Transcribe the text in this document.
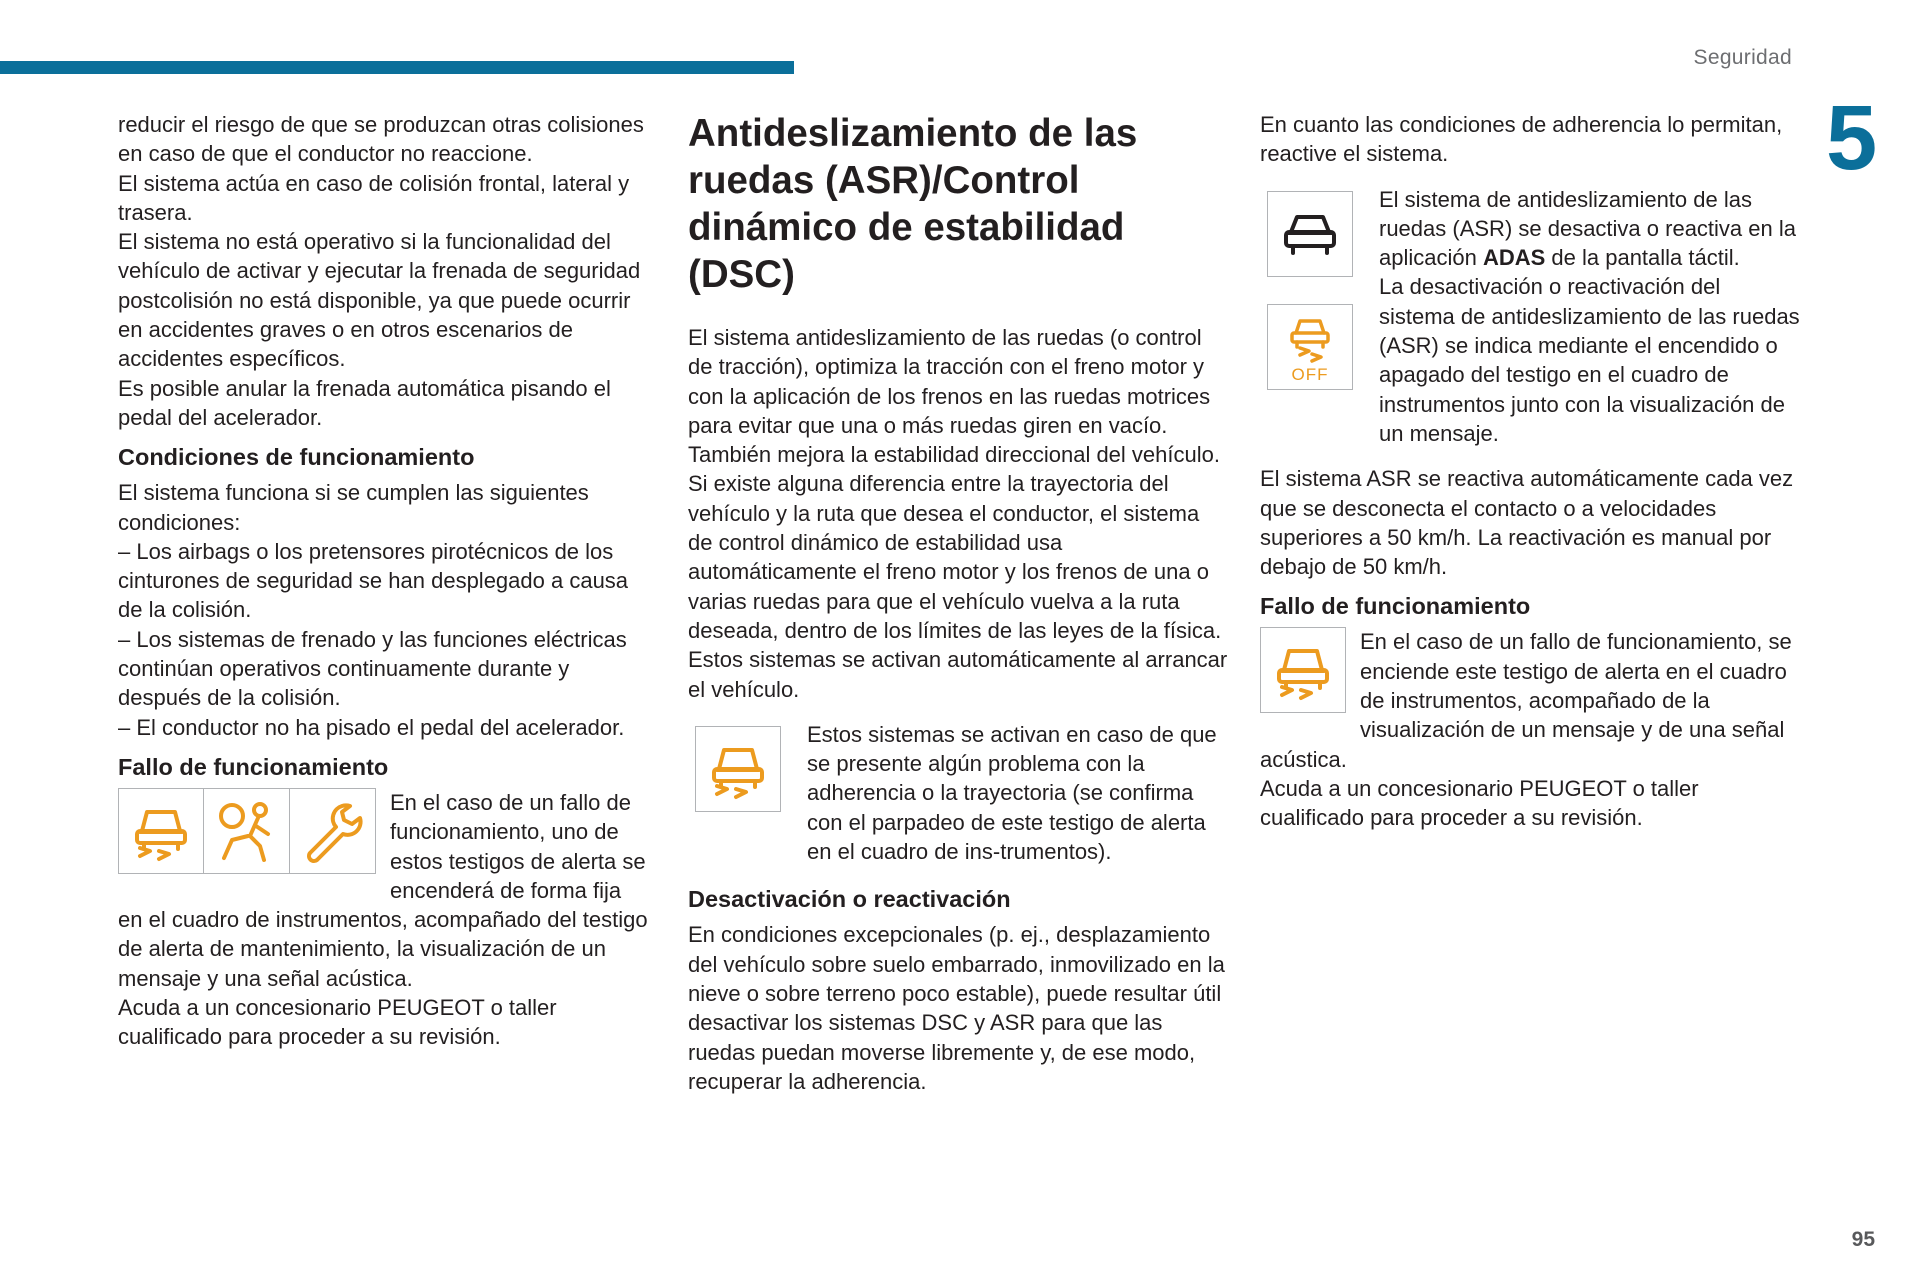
Seguridad
5
95

reducir el riesgo de que se produzcan otras colisiones en caso de que el conductor no reaccione.

El sistema actúa en caso de colisión frontal, lateral y trasera.

El sistema no está operativo si la funcionalidad del vehículo de activar y ejecutar la frenada de seguridad postcolisión no está disponible, ya que puede ocurrir en accidentes graves o en otros escenarios de accidentes específicos.

Es posible anular la frenada automática pisando el pedal del acelerador.

Condiciones de funcionamiento

El sistema funciona si se cumplen las siguientes condiciones:

– Los airbags o los pretensores pirotécnicos de los cinturones de seguridad se han desplegado a causa de la colisión.

– Los sistemas de frenado y las funciones eléctricas continúan operativos continuamente durante y después de la colisión.

– El conductor no ha pisado el pedal del acelerador.

Fallo de funcionamiento

En el caso de un fallo de funcionamiento, uno de estos testigos de alerta se encenderá de forma fija en el cuadro de instrumentos, acompañado del testigo de alerta de mantenimiento, la visualización de un mensaje y una señal acústica.

Acuda a un concesionario PEUGEOT o taller cualificado para proceder a su revisión.

Antideslizamiento de las ruedas (ASR)/Control dinámico de estabilidad (DSC)

El sistema antideslizamiento de las ruedas (o control de tracción), optimiza la tracción con el freno motor y con la aplicación de los frenos en las ruedas motrices para evitar que una o más ruedas giren en vacío. También mejora la estabilidad direccional del vehículo.

Si existe alguna diferencia entre la trayectoria del vehículo y la ruta que desea el conductor, el sistema de control dinámico de estabilidad usa automáticamente el freno motor y los frenos de una o varias ruedas para que el vehículo vuelva a la ruta deseada, dentro de los límites de las leyes de la física.

Estos sistemas se activan automáticamente al arrancar el vehículo.

Estos sistemas se activan en caso de que se presente algún problema con la adherencia o la trayectoria (se confirma con el parpadeo de este testigo de alerta en el cuadro de ins-trumentos).

Desactivación o reactivación

En condiciones excepcionales (p. ej., desplazamiento del vehículo sobre suelo embarrado, inmovilizado en la nieve o sobre terreno poco estable), puede resultar útil desactivar los sistemas DSC y ASR para que las ruedas puedan moverse libremente y, de ese modo, recuperar la adherencia.

En cuanto las condiciones de adherencia lo permitan, reactive el sistema.

OFF

El sistema de antideslizamiento de las ruedas (ASR) se desactiva o reactiva en la aplicación ADAS de la pantalla táctil.

La desactivación o reactivación del sistema de antideslizamiento de las ruedas (ASR) se indica mediante el encendido o apagado del testigo en el cuadro de instrumentos junto con la visualización de un mensaje.

El sistema ASR se reactiva automáticamente cada vez que se desconecta el contacto o a velocidades superiores a 50 km/h. La reactivación es manual por debajo de 50 km/h.

Fallo de funcionamiento

En el caso de un fallo de funcionamiento, se enciende este testigo de alerta en el cuadro de instrumentos, acompañado de la visualización de un mensaje y de una señal acústica.

Acuda a un concesionario PEUGEOT o taller cualificado para proceder a su revisión.
